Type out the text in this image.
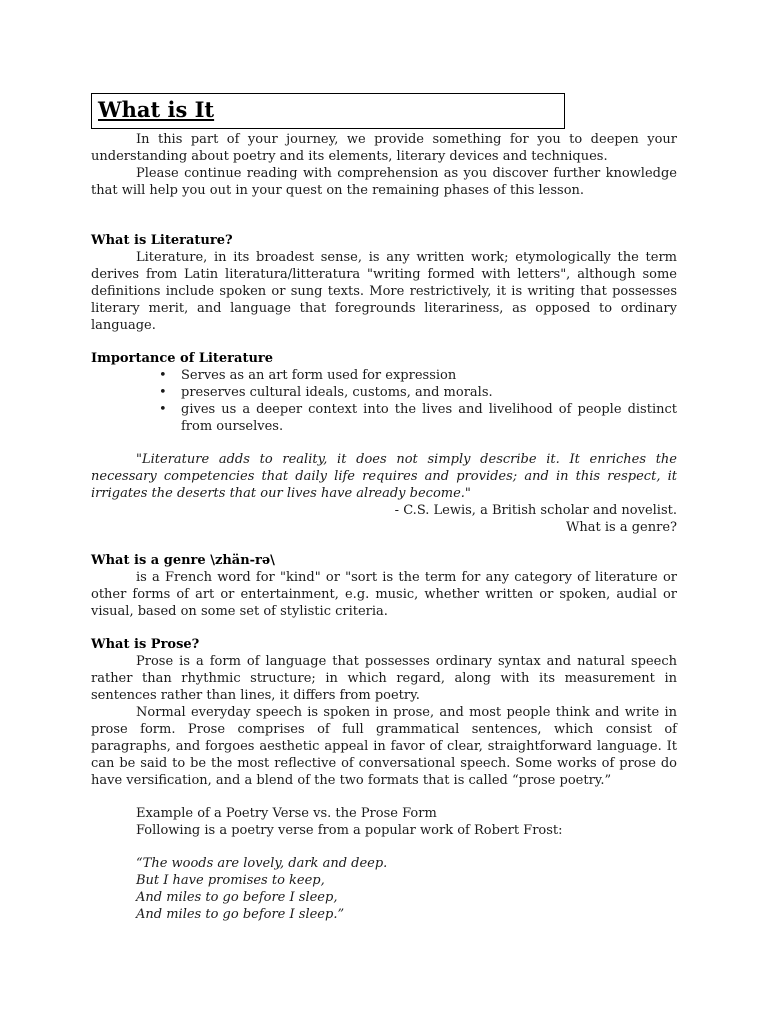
What is It

In this part of your journey, we provide something for you to deepen your understanding about poetry and its elements, literary devices and techniques.

Please continue reading with comprehension as you discover further knowledge that will help you out in your quest on the remaining phases of this lesson.

What is Literature?

Literature, in its broadest sense, is any written work; etymologically the term derives from Latin literatura/litteratura "writing formed with letters", although some definitions include spoken or sung texts. More restrictively, it is writing that possesses literary merit, and language that foregrounds literariness, as opposed to ordinary language.

Importance of Literature

• Serves as an art form used for expression
• preserves cultural ideals, customs, and morals.
• gives us a deeper context into the lives and livelihood of people distinct from ourselves.

"Literature adds to reality, it does not simply describe it. It enriches the necessary competencies that daily life requires and provides; and in this respect, it irrigates the deserts that our lives have already become."

- C.S. Lewis, a British scholar and novelist.

What is a genre?

What is a genre \zhän-rə\

is a French word for "kind" or "sort is the term for any category of literature or other forms of art or entertainment, e.g. music, whether written or spoken, audial or visual, based on some set of stylistic criteria.

What is Prose?

Prose is a form of language that possesses ordinary syntax and natural speech rather than rhythmic structure; in which regard, along with its measurement in sentences rather than lines, it differs from poetry.

Normal everyday speech is spoken in prose, and most people think and write in prose form. Prose comprises of full grammatical sentences, which consist of paragraphs, and forgoes aesthetic appeal in favor of clear, straightforward language. It can be said to be the most reflective of conversational speech. Some works of prose do have versification, and a blend of the two formats that is called “prose poetry.”

Example of a Poetry Verse vs. the Prose Form

Following is a poetry verse from a popular work of Robert Frost:

“The woods are lovely, dark and deep.

But I have promises to keep,

And miles to go before I sleep,

And miles to go before I sleep.”
